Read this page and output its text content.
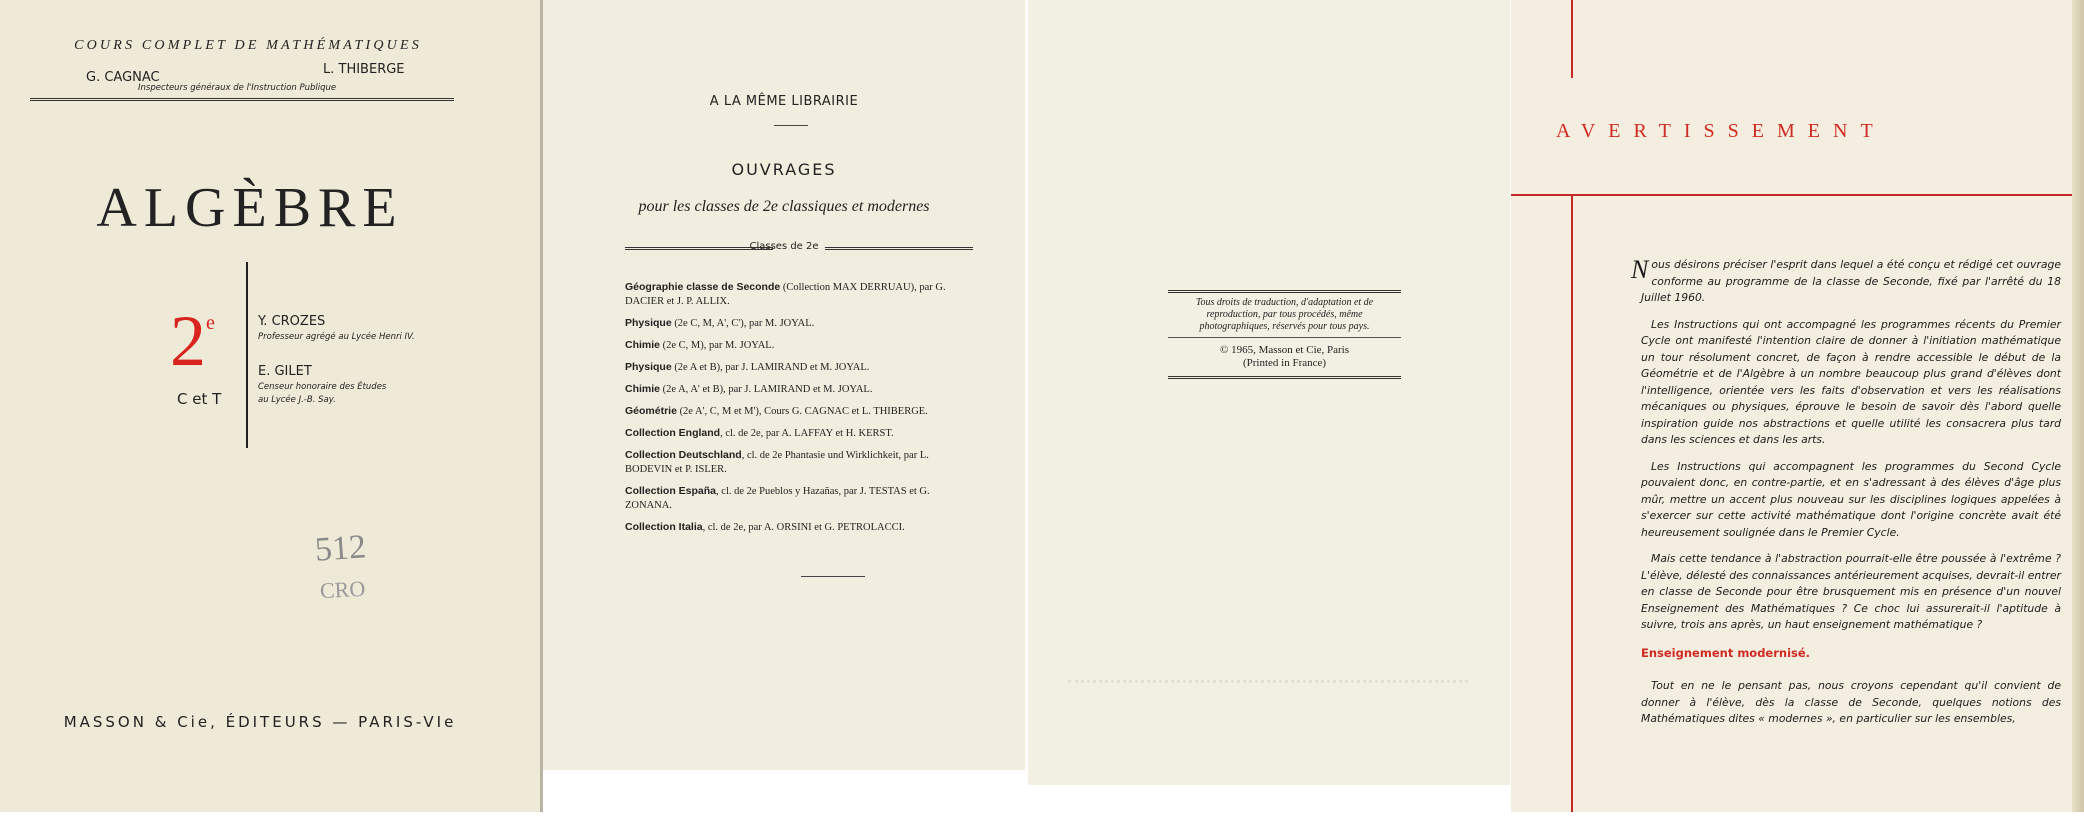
COURS COMPLET DE MATHÉMATIQUES
G. CAGNAC
L. THIBERGE
Inspecteurs généraux de l'Instruction Publique
ALGÈBRE
2e
C et T
Y. CROZES
Professeur agrégé au Lycée Henri IV.
E. GILET
Censeur honoraire des Études
au Lycée J.-B. Say.
512
CRO
MASSON & Cie, ÉDITEURS — PARIS-VIe
A LA MÊME LIBRAIRIE
OUVRAGES
pour les classes de 2e classiques et modernes
Classes de 2e
Géographie classe de Seconde (Collection MAX DERRUAU), par G. DACIER et J. P. ALLIX.
Physique (2e C, M, A', C'), par M. JOYAL.
Chimie (2e C, M), par M. JOYAL.
Physique (2e A et B), par J. LAMIRAND et M. JOYAL.
Chimie (2e A, A' et B), par J. LAMIRAND et M. JOYAL.
Géométrie (2e A', C, M et M'), Cours G. CAGNAC et L. THIBERGE.
Collection England, cl. de 2e, par A. LAFFAY et H. KERST.
Collection Deutschland, cl. de 2e Phantasie und Wirklichkeit, par L. BODEVIN et P. ISLER.
Collection España, cl. de 2e Pueblos y Hazañas, par J. TESTAS et G. ZONANA.
Collection Italia, cl. de 2e, par A. ORSINI et G. PETROLACCI.
Tous droits de traduction, d'adaptation et de reproduction, par tous procédés, même photographiques, réservés pour tous pays.
© 1965, Masson et Cie, Paris
(Printed in France)
AVERTISSEMENT

Nous désirons préciser l'esprit dans lequel a été conçu et rédigé cet ouvrage conforme au programme de la classe de Seconde, fixé par l'arrêté du 18 Juillet 1960.

Les Instructions qui ont accompagné les programmes récents du Premier Cycle ont manifesté l'intention claire de donner à l'initiation mathématique un tour résolument concret, de façon à rendre accessible le début de la Géométrie et de l'Algèbre à un nombre beaucoup plus grand d'élèves dont l'intelligence, orientée vers les faits d'observation et vers les réalisations mécaniques ou physiques, éprouve le besoin de savoir dès l'abord quelle inspiration guide nos abstractions et quelle utilité les consacrera plus tard dans les sciences et dans les arts.

Les Instructions qui accompagnent les programmes du Second Cycle pouvaient donc, en contre-partie, et en s'adressant à des élèves d'âge plus mûr, mettre un accent plus nouveau sur les disciplines logiques appelées à s'exercer sur cette activité mathématique dont l'origine concrète avait été heureusement soulignée dans le Premier Cycle.

Mais cette tendance à l'abstraction pourrait-elle être poussée à l'extrême ? L'élève, délesté des connaissances antérieurement acquises, devrait-il entrer en classe de Seconde pour être brusquement mis en présence d'un nouvel Enseignement des Mathématiques ? Ce choc lui assurerait-il l'aptitude à suivre, trois ans après, un haut enseignement mathématique ?

Enseignement modernisé.

Tout en ne le pensant pas, nous croyons cependant qu'il convient de donner à l'élève, dès la classe de Seconde, quelques notions des Mathématiques dites « modernes », en particulier sur les ensembles,
